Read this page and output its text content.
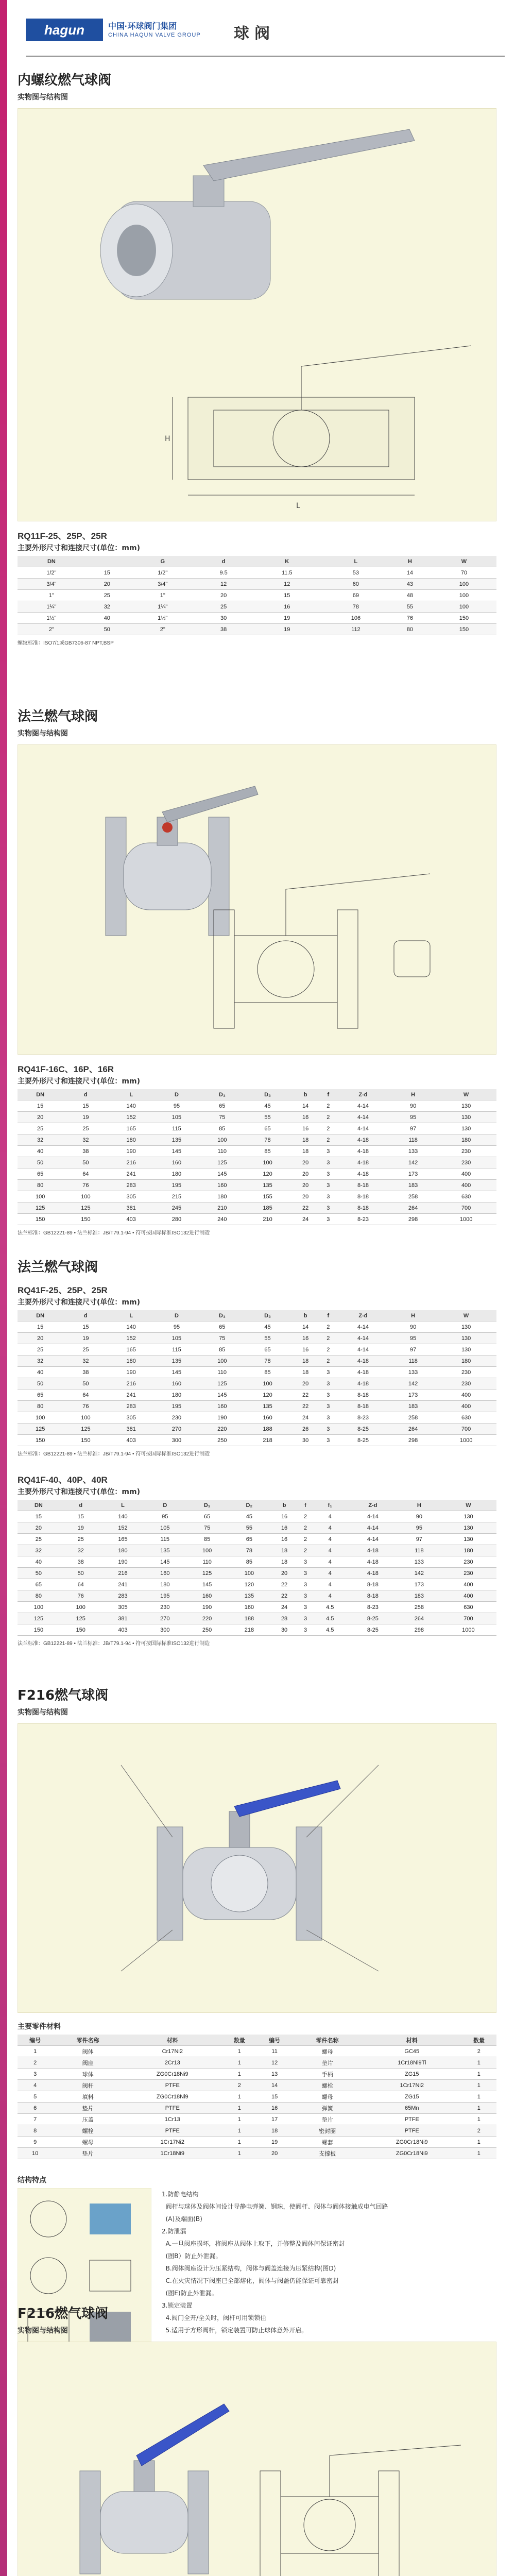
hagun	中国·环球阀门集团
CHINA HAQUN VALVE GROUP 球阀
内螺纹燃气球阀
实物图与结构图
L
H
RQ11F-25、25P、25R
主要外形尺寸和连接尺寸(单位：mm)
DN		G	d	K	L	H	W
1/2"	15	1/2"	9.5	11.5	53	14	70
3/4"	20	3/4"	12	12	60	43	100
1"	25	1"	20	15	69	48	100
1¼"	32	1¼"	25	16	78	55	100
1½"	40	1½"	30	19	106	76	150
2"	50	2"	38	19	112	80	150
螺纹标准：ISO7/1或GB7306-87 NPT,BSP
法兰燃气球阀
实物图与结构图
RQ41F-16C、16P、16R
主要外形尺寸和连接尺寸(单位：mm)
DN	d	L	D	D₁	D₂	b	f	Z-d	H	W
15	15	140	95	65	45	14	2	4-14	90	130
20	19	152	105	75	55	16	2	4-14	95	130
25	25	165	115	85	65	16	2	4-14	97	130
32	32	180	135	100	78	18	2	4-18	118	180
40	38	190	145	110	85	18	3	4-18	133	230
50	50	216	160	125	100	20	3	4-18	142	230
65	64	241	180	145	120	20	3	4-18	173	400
80	76	283	195	160	135	20	3	8-18	183	400
100	100	305	215	180	155	20	3	8-18	258	630
125	125	381	245	210	185	22	3	8-18	264	700
150	150	403	280	240	210	24	3	8-23	298	1000
法兰标准：GB12221-89 • 法兰标准：JB/T79.1-94 • 符可按国际标准ISO132进行制造
法兰燃气球阀
RQ41F-25、25P、25R
主要外形尺寸和连接尺寸(单位：mm)
DN	d	L	D	D₁	D₂	b	f	Z-d	H	W
15	15	140	95	65	45	14	2	4-14	90	130
20	19	152	105	75	55	16	2	4-14	95	130
25	25	165	115	85	65	16	2	4-14	97	130
32	32	180	135	100	78	18	2	4-18	118	180
40	38	190	145	110	85	18	3	4-18	133	230
50	50	216	160	125	100	20	3	4-18	142	230
65	64	241	180	145	120	22	3	8-18	173	400
80	76	283	195	160	135	22	3	8-18	183	400
100	100	305	230	190	160	24	3	8-23	258	630
125	125	381	270	220	188	26	3	8-25	264	700
150	150	403	300	250	218	30	3	8-25	298	1000
法兰标准：GB12221-89 • 法兰标准：JB/T79.1-94 • 符可按国际标准ISO132进行制造
RQ41F-40、40P、40R
主要外形尺寸和连接尺寸(单位：mm)
DN	d	L	D	D₁	D₂	b	f	f₁	Z-d	H	W
15	15	140	95	65	45	16	2	4	4-14	90	130
20	19	152	105	75	55	16	2	4	4-14	95	130
25	25	165	115	85	65	16	2	4	4-14	97	130
32	32	180	135	100	78	18	2	4	4-18	118	180
40	38	190	145	110	85	18	3	4	4-18	133	230
50	50	216	160	125	100	20	3	4	4-18	142	230
65	64	241	180	145	120	22	3	4	8-18	173	400
80	76	283	195	160	135	22	3	4	8-18	183	400
100	100	305	230	190	160	24	3	4.5	8-23	258	630
125	125	381	270	220	188	28	3	4.5	8-25	264	700
150	150	403	300	250	218	30	3	4.5	8-25	298	1000
法兰标准：GB12221-89 • 法兰标准：JB/T79.1-94 • 符可按国际标准ISO132进行制造
F216燃气球阀
实物图与结构图
主要零件材料
编号	零件名称	材料	数量	编号	零件名称	材料	数量
1	阀体	Cr17Ni2	1	11	螺母	GC45	2
2	阀座	2Cr13	1	12	垫片	1Cr18Ni9Ti	1
3	球体	ZG0Cr18Ni9	1	13	手柄	ZG15	1
4	阀杆	PTFE	2	14	螺栓	1Cr17Ni2	1
5	填料	ZG0Cr18Ni9	1	15	螺母	ZG15	1
6	垫片	PTFE	1	16	弹簧	65Mn	1
7	压盖	1Cr13	1	17	垫片	PTFE	1
8	螺栓	PTFE	1	18	密封圈	PTFE	2
9	螺母	1Cr17Ni2	1	19	螺套	ZG0Cr18Ni9	1
10	垫片	1Cr18Ni9	1	20	支撑板	ZG0Cr18Ni9	1
结构特点
1.防静电结构
阀杆与球体及阀体间设计导静电弹簧、钢珠，使阀杆、阀体与阀体接触成电气回路
(A)及端面(B)
2.防泄漏
A.一旦阀座损坏，将阀座从阀体上取下，并修整及阀体间保证密封
(图B）防止外泄漏。
B.阀体阀座设计为压紧结构，阀体与阀盖连接为压紧结构(图D)
C.在火灾情况下阀座已全部熔化，阀体与阀盖仍能保证可靠密封
(图E)防止外泄漏。
3.锁定装置
4.阀门全开/全关时，阀杆可用锁锁住
5.适用于方形阀杆，锁定装置可防止球体意外开启。
F216燃气球阀
实物图与结构图
